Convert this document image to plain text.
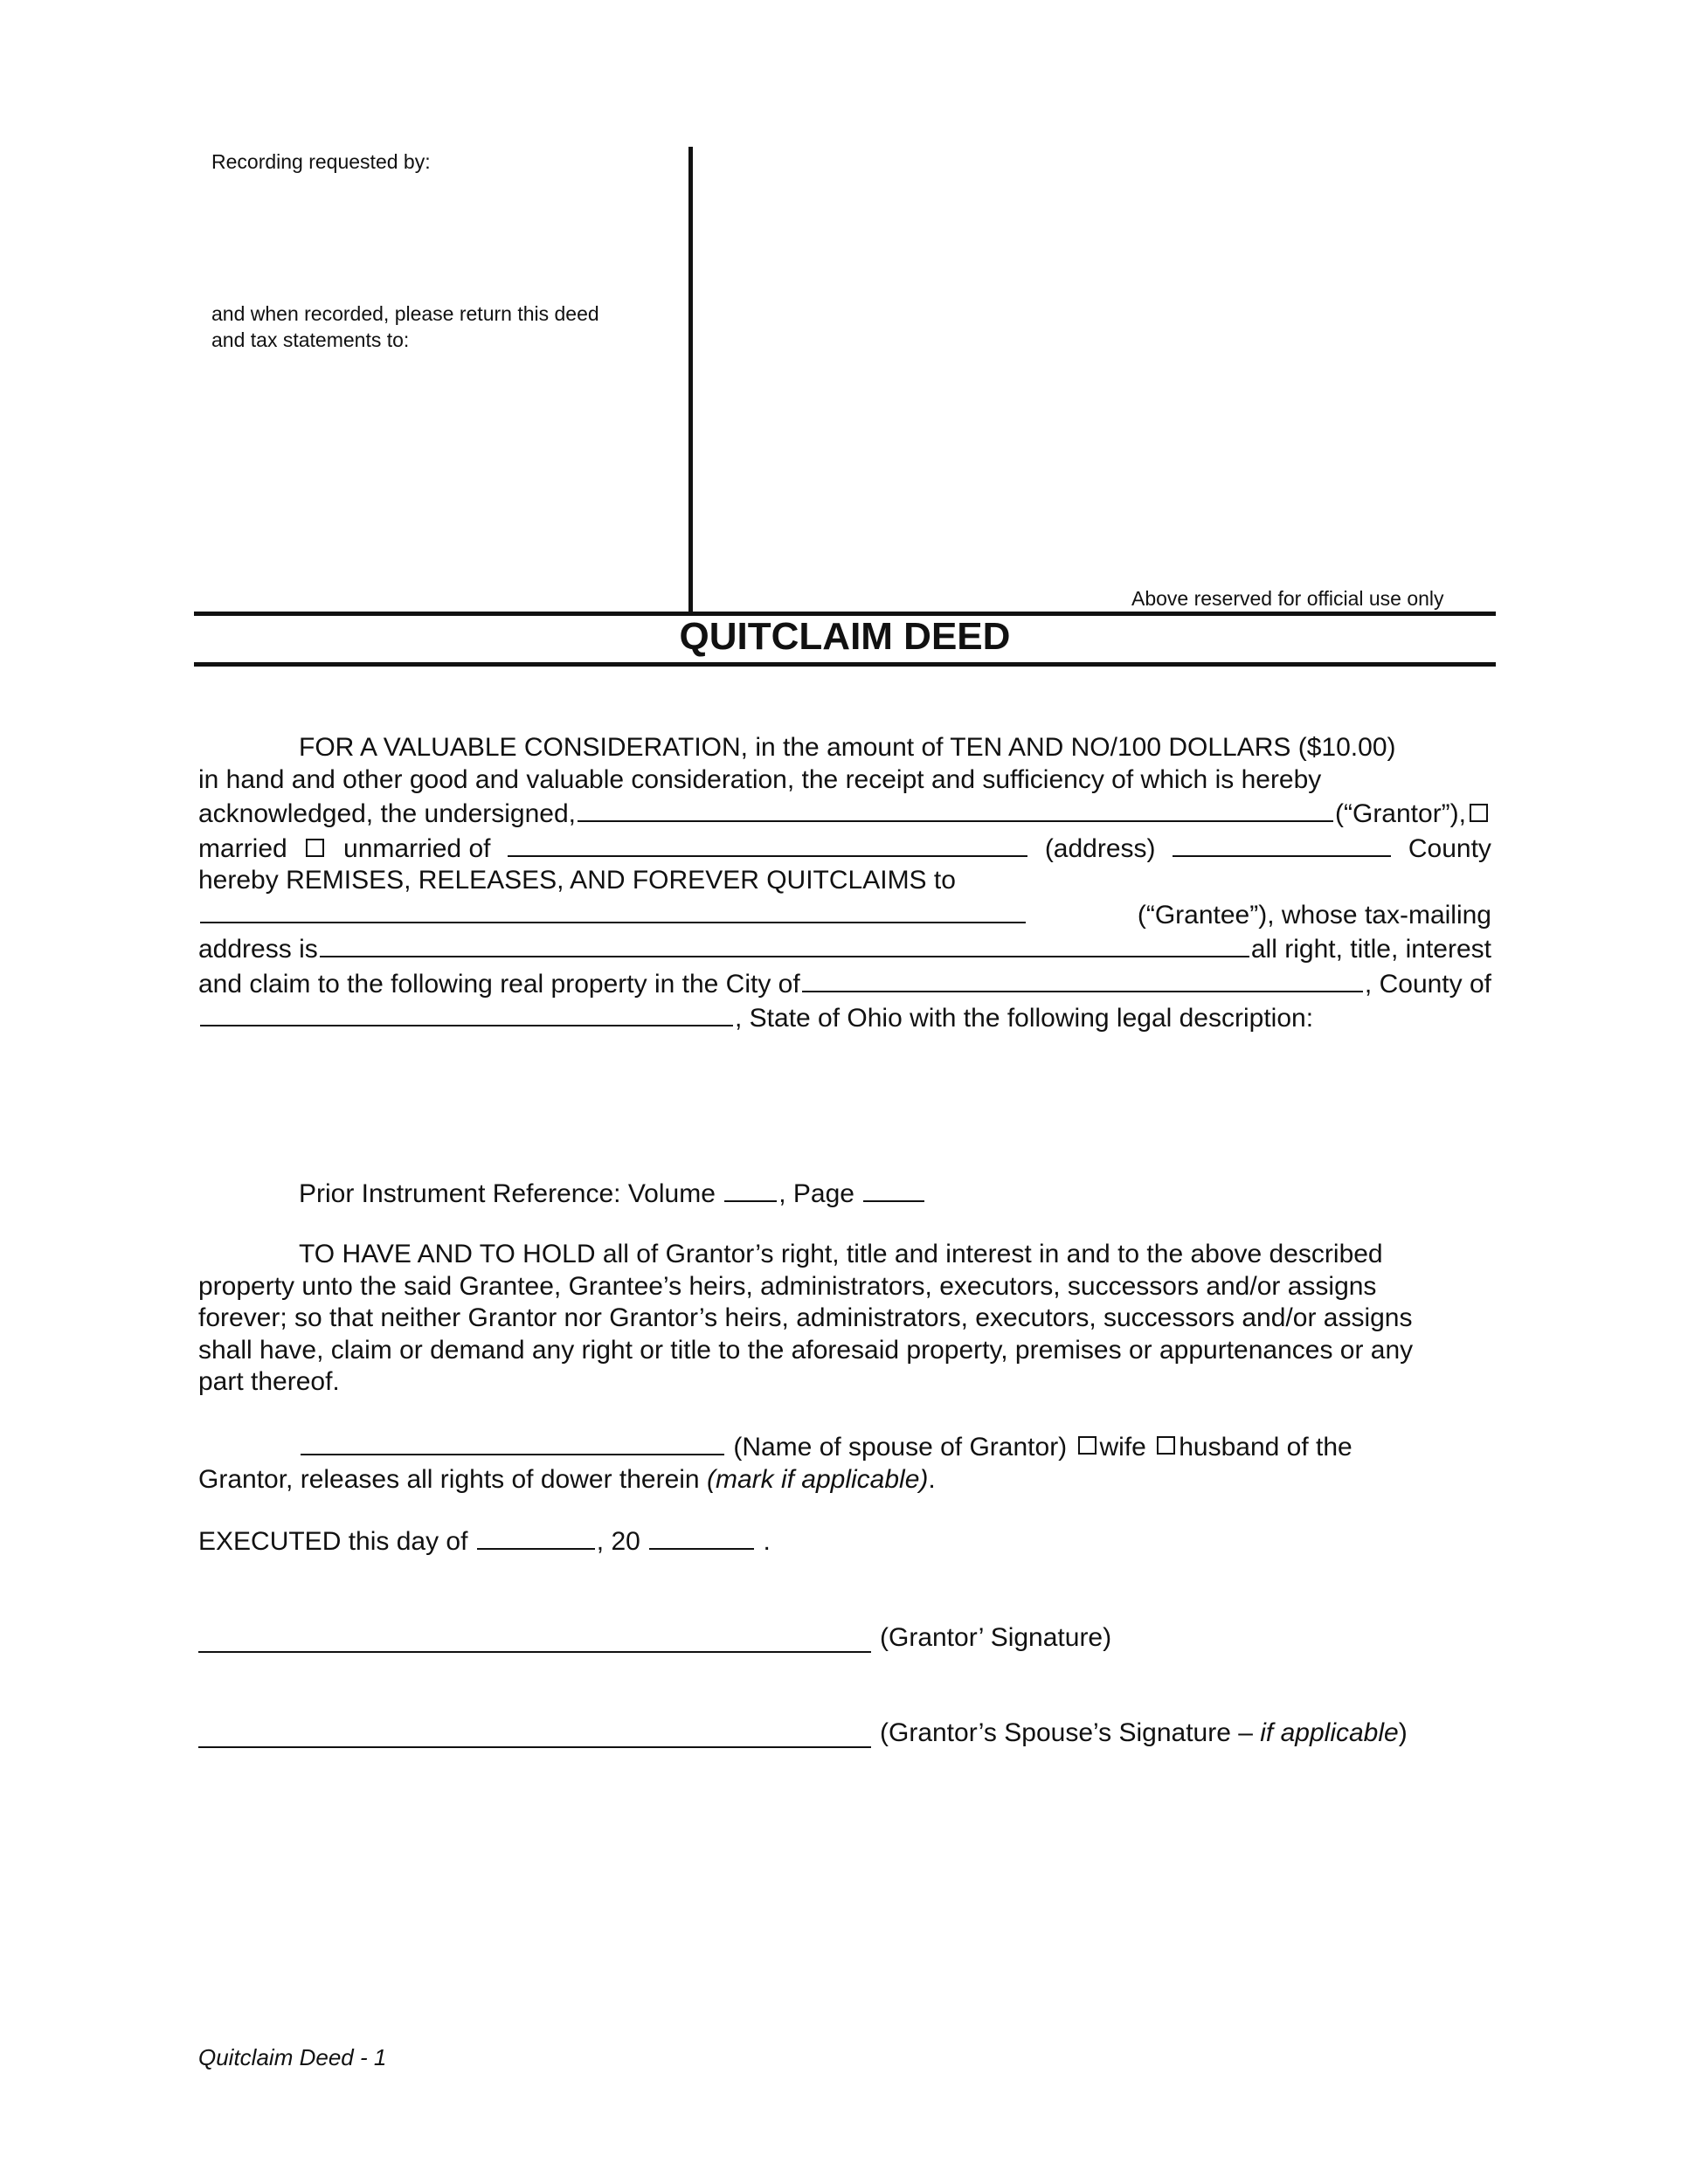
Recording requested by:
and when recorded, please return this deed
and tax statements to:
Above reserved for official use only
QUITCLAIM DEED
FOR A VALUABLE CONSIDERATION, in the amount of TEN AND NO/100 DOLLARS ($10.00)
in hand and other good and valuable consideration, the receipt and sufficiency of which is hereby
acknowledged, the undersigned,	(“Grantor”),
married unmarried of	(address)	County
hereby REMISES, RELEASES, AND FOREVER QUITCLAIMS to
(“Grantee”), whose tax-mailing
address is	all right, title, interest
and claim to the following real property in the City of	, County of
, State of Ohio with the following legal description:
Prior Instrument Reference: Volume , Page
TO HAVE AND TO HOLD all of Grantor’s right, title and interest in and to the above described
property unto the said Grantee, Grantee’s heirs, administrators, executors, successors and/or assigns
forever; so that neither Grantor nor Grantor’s heirs, administrators, executors, successors and/or assigns
shall have, claim or demand any right or title to the aforesaid property, premises or appurtenances or any
part thereof.
(Name of spouse of Grantor) wife husband of the
Grantor, releases all rights of dower therein (mark if applicable).
EXECUTED this day of	, 20	.
(Grantor’ Signature)
(Grantor’s Spouse’s Signature – if applicable)
Quitclaim Deed - 1
